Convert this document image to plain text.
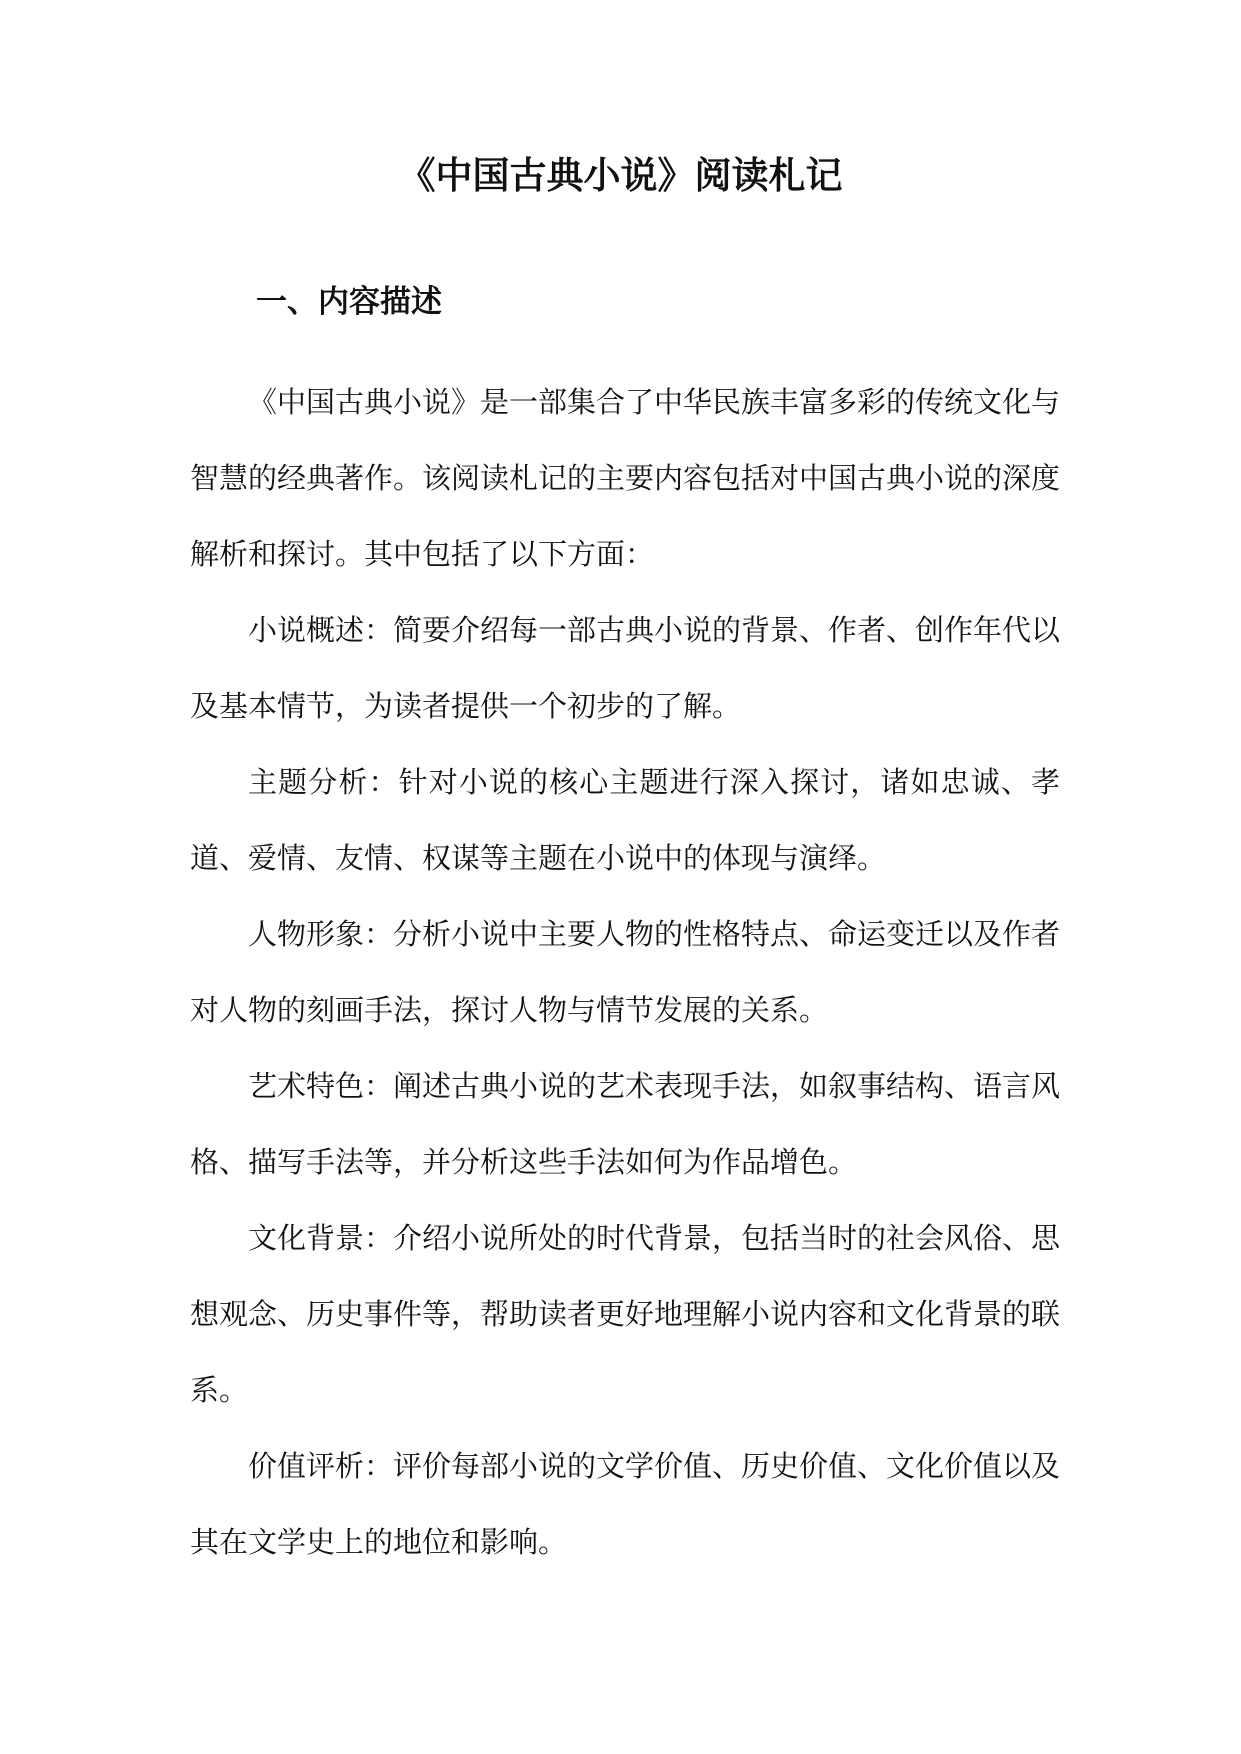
《中国古典小说》阅读札记
一、内容描述

《中国古典小说》是一部集合了中华民族丰富多彩的传统文化与智慧的经典著作。该阅读札记的主要内容包括对中国古典小说的深度解析和探讨。其中包括了以下方面：

小说概述：简要介绍每一部古典小说的背景、作者、创作年代以及基本情节，为读者提供一个初步的了解。

主题分析：针对小说的核心主题进行深入探讨，诸如忠诚、孝道、爱情、友情、权谋等主题在小说中的体现与演绎。

人物形象：分析小说中主要人物的性格特点、命运变迁以及作者对人物的刻画手法，探讨人物与情节发展的关系。

艺术特色：阐述古典小说的艺术表现手法，如叙事结构、语言风格、描写手法等，并分析这些手法如何为作品增色。

文化背景：介绍小说所处的时代背景，包括当时的社会风俗、思想观念、历史事件等，帮助读者更好地理解小说内容和文化背景的联系。

价值评析：评价每部小说的文学价值、历史价值、文化价值以及其在文学史上的地位和影响。
